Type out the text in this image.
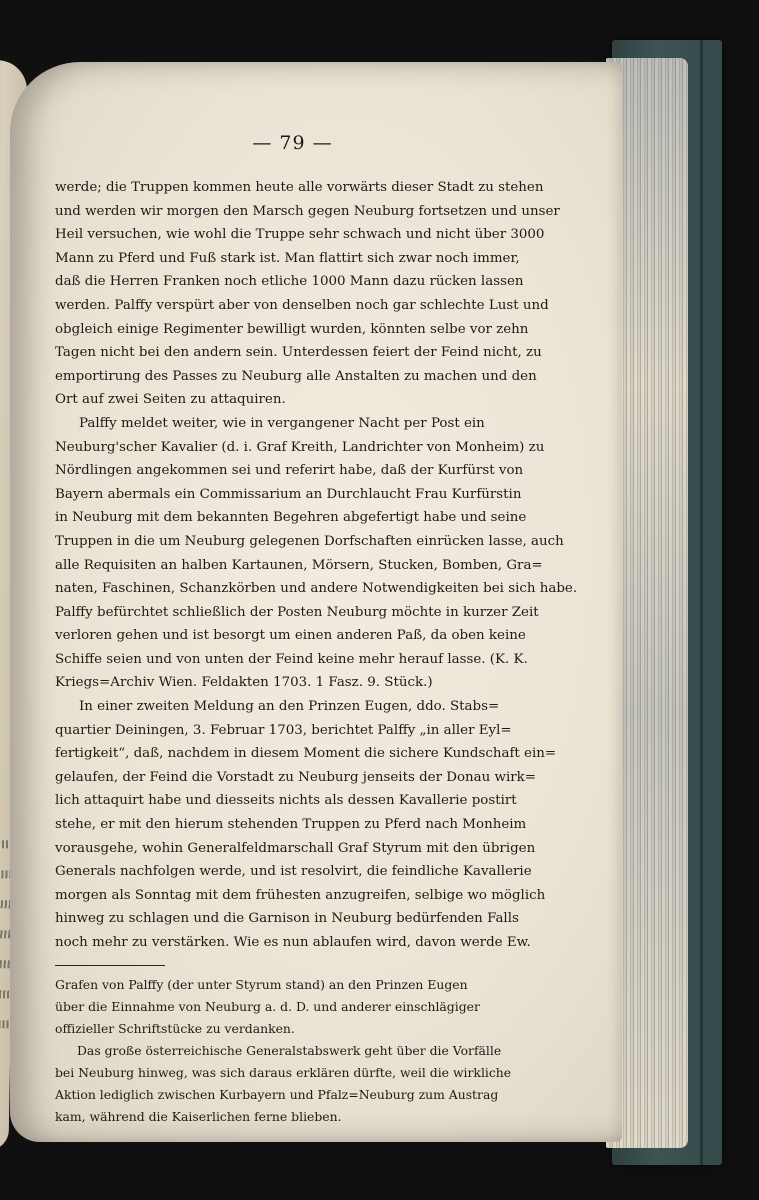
— 79 —
werde; die Truppen kommen heute alle vorwärts dieser Stadt zu stehen
und werden wir morgen den Marsch gegen Neuburg fortsetzen und unser
Heil versuchen, wie wohl die Truppe sehr schwach und nicht über 3000
Mann zu Pferd und Fuß stark ist. Man flattirt sich zwar noch immer,
daß die Herren Franken noch etliche 1000 Mann dazu rücken lassen
werden. Palffy verspürt aber von denselben noch gar schlechte Lust und
obgleich einige Regimenter bewilligt wurden, könnten selbe vor zehn
Tagen nicht bei den andern sein. Unterdessen feiert der Feind nicht, zu
emportirung des Passes zu Neuburg alle Anstalten zu machen und den
Ort auf zwei Seiten zu attaquiren.
Palffy meldet weiter, wie in vergangener Nacht per Post ein
Neuburg'scher Kavalier (d. i. Graf Kreith, Landrichter von Monheim) zu
Nördlingen angekommen sei und referirt habe, daß der Kurfürst von
Bayern abermals ein Commissarium an Durchlaucht Frau Kurfürstin
in Neuburg mit dem bekannten Begehren abgefertigt habe und seine
Truppen in die um Neuburg gelegenen Dorfschaften einrücken lasse, auch
alle Requisiten an halben Kartaunen, Mörsern, Stucken, Bomben, Gra=
naten, Faschinen, Schanzkörben und andere Notwendigkeiten bei sich habe.
Palffy befürchtet schließlich der Posten Neuburg möchte in kurzer Zeit
verloren gehen und ist besorgt um einen anderen Paß, da oben keine
Schiffe seien und von unten der Feind keine mehr herauf lasse. (K. K.
Kriegs=Archiv Wien. Feldakten 1703. 1 Fasz. 9. Stück.)
In einer zweiten Meldung an den Prinzen Eugen, ddo. Stabs=
quartier Deiningen, 3. Februar 1703, berichtet Palffy „in aller Eyl=
fertigkeit“, daß, nachdem in diesem Moment die sichere Kundschaft ein=
gelaufen, der Feind die Vorstadt zu Neuburg jenseits der Donau wirk=
lich attaquirt habe und diesseits nichts als dessen Kavallerie postirt
stehe, er mit den hierum stehenden Truppen zu Pferd nach Monheim
vorausgehe, wohin Generalfeldmarschall Graf Styrum mit den übrigen
Generals nachfolgen werde, und ist resolvirt, die feindliche Kavallerie
morgen als Sonntag mit dem frühesten anzugreifen, selbige wo möglich
hinweg zu schlagen und die Garnison in Neuburg bedürfenden Falls
noch mehr zu verstärken. Wie es nun ablaufen wird, davon werde Ew.
Grafen von Palffy (der unter Styrum stand) an den Prinzen Eugen
über die Einnahme von Neuburg a. d. D. und anderer einschlägiger
offizieller Schriftstücke zu verdanken.
Das große österreichische Generalstabswerk geht über die Vorfälle
bei Neuburg hinweg, was sich daraus erklären dürfte, weil die wirkliche
Aktion lediglich zwischen Kurbayern und Pfalz=Neuburg zum Austrag
kam, während die Kaiserlichen ferne blieben.
